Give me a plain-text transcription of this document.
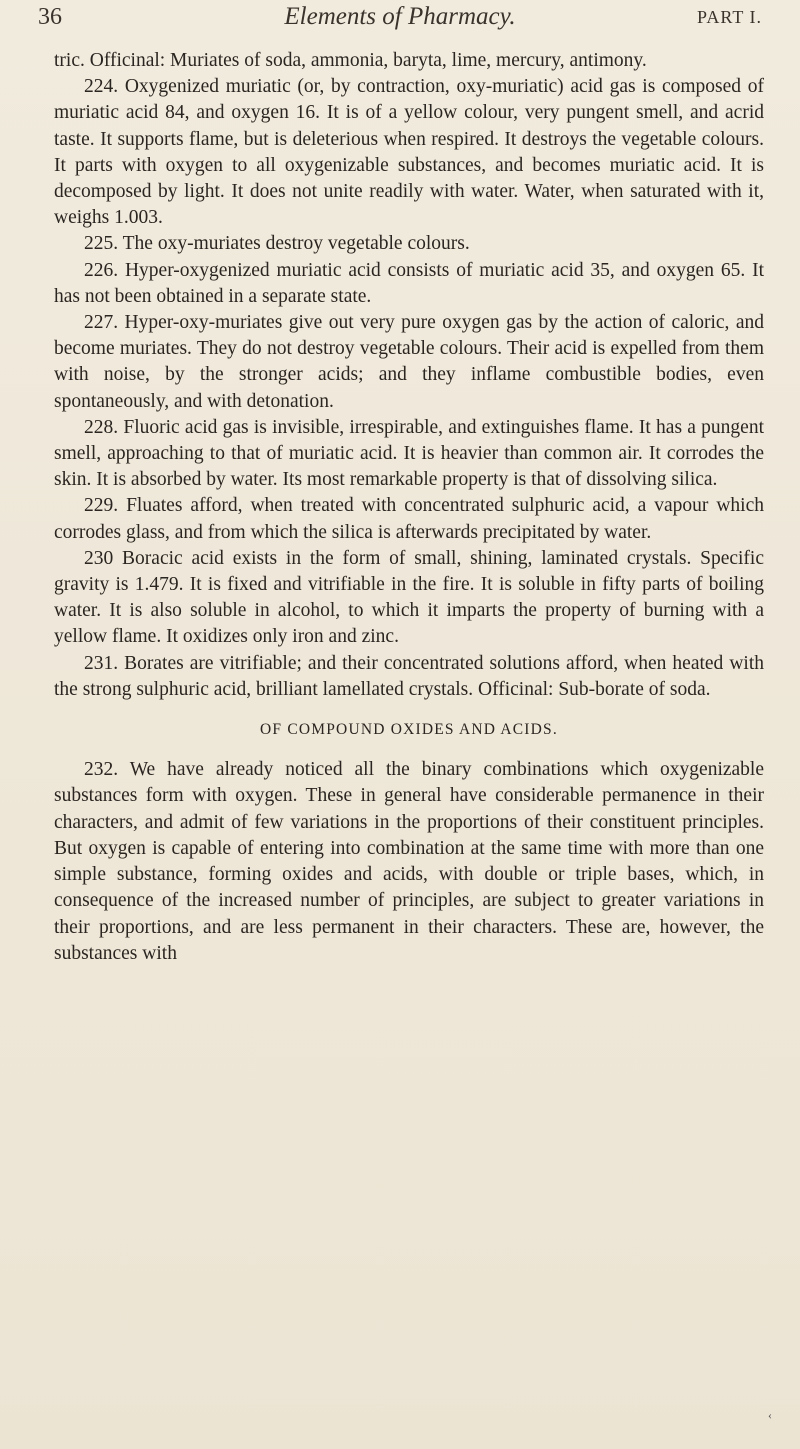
36	Elements of Pharmacy.	PART I.

tric. Officinal: Muriates of soda, ammonia, baryta, lime, mercury, antimony.

224. Oxygenized muriatic (or, by contraction, oxy-muriatic) acid gas is composed of muriatic acid 84, and oxygen 16. It is of a yellow colour, very pungent smell, and acrid taste. It supports flame, but is deleterious when respired. It destroys the vegetable colours. It parts with oxygen to all oxygenizable substances, and becomes muriatic acid. It is decomposed by light. It does not unite readily with water. Water, when saturated with it, weighs 1.003.

225. The oxy-muriates destroy vegetable colours.

226. Hyper-oxygenized muriatic acid consists of muriatic acid 35, and oxygen 65. It has not been obtained in a separate state.

227. Hyper-oxy-muriates give out very pure oxygen gas by the action of caloric, and become muriates. They do not destroy vegetable colours. Their acid is expelled from them with noise, by the stronger acids; and they inflame combustible bodies, even spontaneously, and with detonation.

228. Fluoric acid gas is invisible, irrespirable, and extinguishes flame. It has a pungent smell, approaching to that of muriatic acid. It is heavier than common air. It corrodes the skin. It is absorbed by water. Its most remarkable property is that of dissolving silica.

229. Fluates afford, when treated with concentrated sulphuric acid, a vapour which corrodes glass, and from which the silica is afterwards precipitated by water.

230 Boracic acid exists in the form of small, shining, laminated crystals. Specific gravity is 1.479. It is fixed and vitrifiable in the fire. It is soluble in fifty parts of boiling water. It is also soluble in alcohol, to which it imparts the property of burning with a yellow flame. It oxidizes only iron and zinc.

231. Borates are vitrifiable; and their concentrated solutions afford, when heated with the strong sulphuric acid, brilliant lamellated crystals. Officinal: Sub-borate of soda.

OF COMPOUND OXIDES AND ACIDS.

232. We have already noticed all the binary combinations which oxygenizable substances form with oxygen. These in general have considerable permanence in their characters, and admit of few variations in the proportions of their constituent principles. But oxygen is capable of entering into combination at the same time with more than one simple substance, forming oxides and acids, with double or triple bases, which, in consequence of the increased number of principles, are subject to greater variations in their proportions, and are less permanent in their characters. These are, however, the substances with

‹
